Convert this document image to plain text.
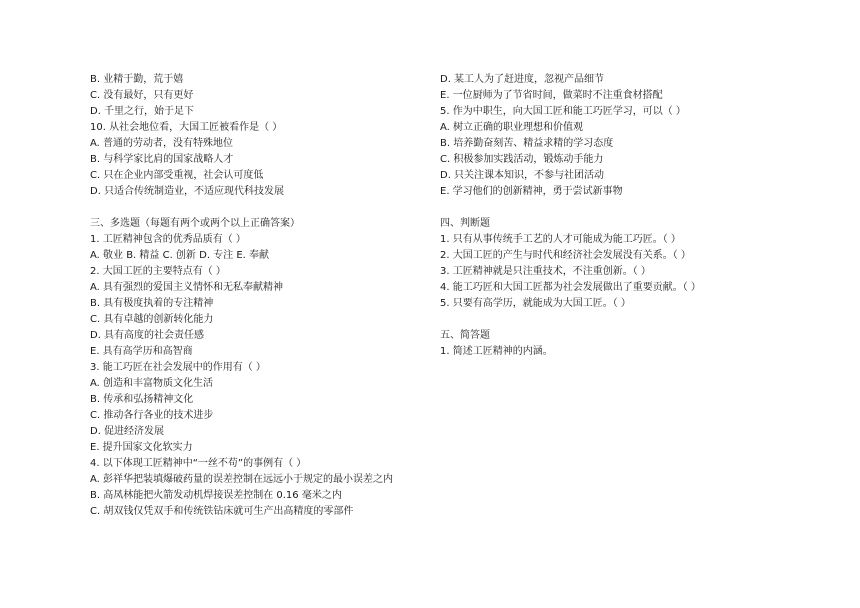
B. 业精于勤，荒于嬉
C. 没有最好，只有更好
D. 千里之行，始于足下
10. 从社会地位看，大国工匠被看作是（ ）
A. 普通的劳动者，没有特殊地位
B. 与科学家比肩的国家战略人才
C. 只在企业内部受重视，社会认可度低
D. 只适合传统制造业，不适应现代科技发展
三、多选题（每题有两个或两个以上正确答案）
1. 工匠精神包含的优秀品质有（ ）
A. 敬业 B. 精益 C. 创新 D. 专注 E. 奉献
2. 大国工匠的主要特点有（ ）
A. 具有强烈的爱国主义情怀和无私奉献精神
B. 具有极度执着的专注精神
C. 具有卓越的创新转化能力
D. 具有高度的社会责任感
E. 具有高学历和高智商
3. 能工巧匠在社会发展中的作用有（ ）
A. 创造和丰富物质文化生活
B. 传承和弘扬精神文化
C. 推动各行各业的技术进步
D. 促进经济发展
E. 提升国家文化软实力
4. 以下体现工匠精神中“一丝不苟”的事例有（ ）
A. 彭祥华把装填爆破药量的误差控制在远远小于规定的最小误差之内
B. 高凤林能把火箭发动机焊接误差控制在 0.16 毫米之内
C. 胡双钱仅凭双手和传统铁钻床就可生产出高精度的零部件
D. 某工人为了赶进度，忽视产品细节
E. 一位厨师为了节省时间，做菜时不注重食材搭配
5. 作为中职生，向大国工匠和能工巧匠学习，可以（ ）
A. 树立正确的职业理想和价值观
B. 培养勤奋刻苦、精益求精的学习态度
C. 积极参加实践活动，锻炼动手能力
D. 只关注课本知识，不参与社团活动
E. 学习他们的创新精神，勇于尝试新事物
四、判断题
1. 只有从事传统手工艺的人才可能成为能工巧匠。（ ）
2. 大国工匠的产生与时代和经济社会发展没有关系。（ ）
3. 工匠精神就是只注重技术，不注重创新。（ ）
4. 能工巧匠和大国工匠都为社会发展做出了重要贡献。（ ）
5. 只要有高学历，就能成为大国工匠。（ ）
五、简答题
1. 简述工匠精神的内涵。
